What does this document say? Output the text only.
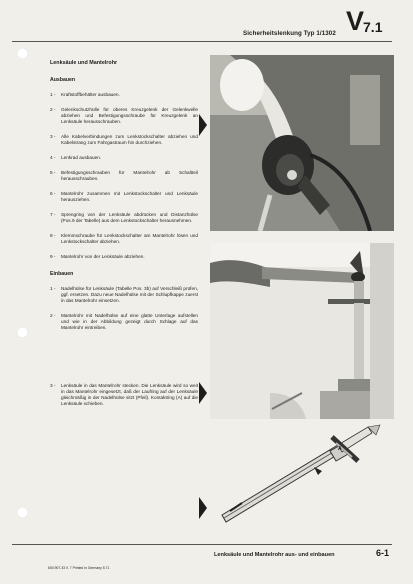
Sicherheitslenkung Typ 1/1302 $V_{7.1}$

Lenksäule und Mantelrohr

Ausbauen

1 -	Kraftstoffbehälter ausbauen.
2 -	Gelenkschutzhülle für oberes Kreuzgelenk der Gelenkwelle abziehen und Befestigungsschraube für Kreuzgelenk an Lenksäule herausschrauben.
3 -	Alle Kabelverbindungen zum Lenkstockschalter abziehen und Kabelstrang zum Fahrgastraum hin durchziehen.
4 -	Lenkrad ausbauen.
5 -	Befestigungsschrauben für Mantelrohr ab Schaltteil herausschrauben.
6 -	Mantelrohr zusammen mit Lenkstockschalter und Lenksäule herausziehen.
7 -	Sprengring von der Lenksäule abdrücken und Distanzhülse (Pos.9 der Tabelle) aus dem Lenkstockschalter herausnehmen.
8 -	Klemmschraube für Lenkstockschalter am Mantelrohr lösen und Lenkstockschalter abziehen.
9 -	Mantelrohr von der Lenksäule abziehen.

Einbauen

1 -	Nadelhülse für Lenksäule (Tabelle Pos. 3b) auf Verschleiß prüfen, ggf. ersetzen. Dazu neue Nadelhülse mit der Schlupfkappe zuerst in das Mantelrohr einsetzen.
2 -	Mantelrohr mit Nadelhülse auf eine glatte Unterlage aufstellen und wie in der Abbildung gezeigt durch Schlage auf das Mantelrohr eintreiben.
3 -	Lenksäule in das Mantelrohr stecken. Die Lenksäule wird so weit in das Mantelrohr eingesetzt, daß der Laufring auf der Lenksäule gleichmäßig in der Nadelhülse sitzt (Pfeil). Kontaktring (A) auf die Lenksäule schieben.
A
Lenksäule und Mantelrohr aus- und einbauen	6-1
600.907.33 V. 7 Printed in Germany 5.71
